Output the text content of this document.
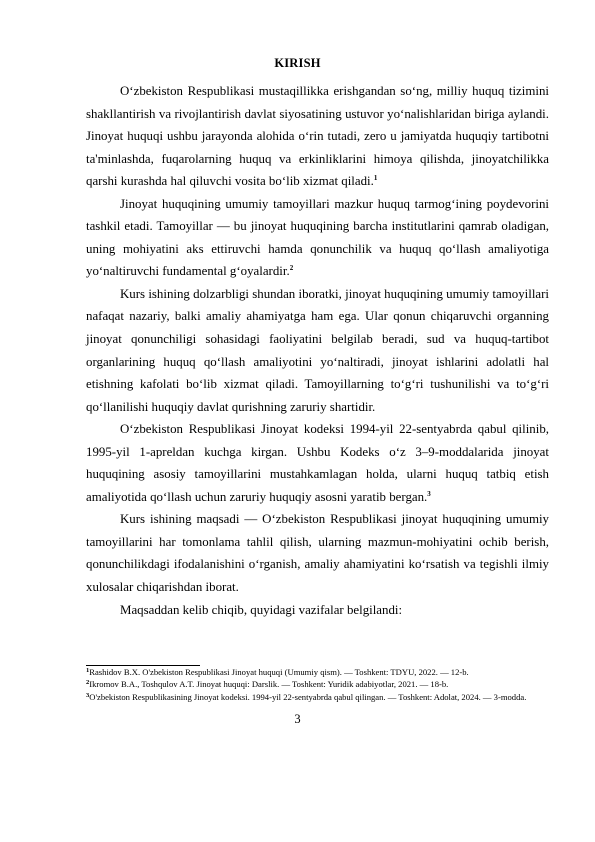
KIRISH

O‘zbekiston Respublikasi mustaqillikka erishgandan so‘ng, milliy huquq tizimini shakllantirish va rivojlantirish davlat siyosatining ustuvor yo‘nalishlaridan biriga aylandi. Jinoyat huquqi ushbu jarayonda alohida o‘rin tutadi, zero u jamiyatda huquqiy tartibotni ta'minlashda, fuqarolarning huquq va erkinliklarini himoya qilishda, jinoyatchilikka qarshi kurashda hal qiluvchi vosita bo‘lib xizmat qiladi.$^1$

Jinoyat huquqining umumiy tamoyillari mazkur huquq tarmog‘ining poydevorini tashkil etadi. Tamoyillar — bu jinoyat huquqining barcha institutlarini qamrab oladigan, uning mohiyatini aks ettiruvchi hamda qonunchilik va huquq qo‘llash amaliyotiga yo‘naltiruvchi fundamental g‘oyalardir.$^2$

Kurs ishining dolzarbligi shundan iboratki, jinoyat huquqining umumiy tamoyillari nafaqat nazariy, balki amaliy ahamiyatga ham ega. Ular qonun chiqaruvchi organning jinoyat qonunchiligi sohasidagi faoliyatini belgilab beradi, sud va huquq-tartibot organlarining huquq qo‘llash amaliyotini yo‘naltiradi, jinoyat ishlarini adolatli hal etishning kafolati bo‘lib xizmat qiladi. Tamoyillarning to‘g‘ri tushunilishi va to‘g‘ri qo‘llanilishi huquqiy davlat qurishning zaruriy shartidir.

O‘zbekiston Respublikasi Jinoyat kodeksi 1994-yil 22-sentyabrda qabul qilinib, 1995-yil 1-apreldan kuchga kirgan. Ushbu Kodeks o‘z 3–9-moddalarida jinoyat huquqining asosiy tamoyillarini mustahkamlagan holda, ularni huquq tatbiq etish amaliyotida qo‘llash uchun zaruriy huquqiy asosni yaratib bergan.$^3$

Kurs ishining maqsadi — O‘zbekiston Respublikasi jinoyat huquqining umumiy tamoyillarini har tomonlama tahlil qilish, ularning mazmun-mohiyatini ochib berish, qonunchilikdagi ifodalanishini o‘rganish, amaliy ahamiyatini ko‘rsatish va tegishli ilmiy xulosalar chiqarishdan iborat.

Maqsaddan kelib chiqib, quyidagi vazifalar belgilandi:

$^1$Rashidov B.X. O'zbekiston Respublikasi Jinoyat huquqi (Umumiy qism). — Toshkent: TDYU, 2022. — 12-b.

$^2$Ikromov B.A., Toshqulov A.T. Jinoyat huquqi: Darslik. — Toshkent: Yuridik adabiyotlar, 2021. — 18-b.

$^3$O'zbekiston Respublikasining Jinoyat kodeksi. 1994-yil 22-sentyabrda qabul qilingan. — Toshkent: Adolat, 2024. — 3-modda.

3
